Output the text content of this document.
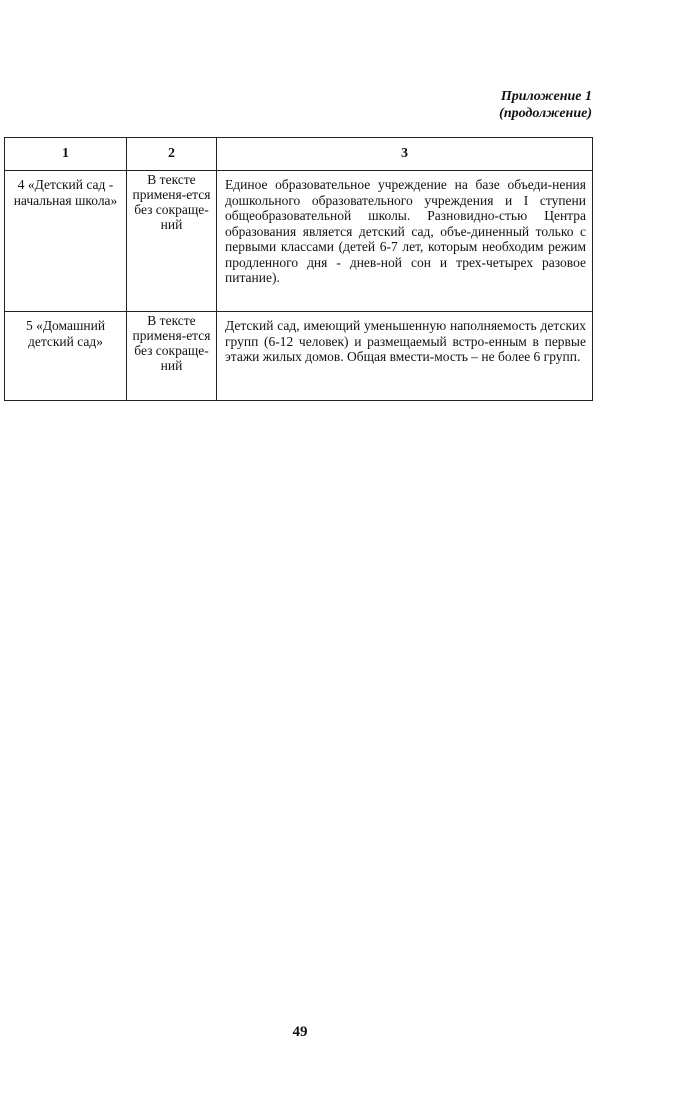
Приложение 1
(продолжение)
1	2	3
4 «Детский сад - начальная школа»	В тексте применя-ется без сокраще-ний	Единое образовательное учреждение на базе объеди-нения дошкольного образовательного учреждения и I ступени общеобразовательной школы. Разновидно-стью Центра образования является детский сад, объе-диненный только с первыми классами (детей 6-7 лет, которым необходим режим продленного дня - днев-ной сон и трех-четырех разовое питание).
5 «Домашний детский сад»	В тексте применя-ется без сокраще-ний	Детский сад, имеющий уменьшенную наполняемость детских групп (6-12 человек) и размещаемый встро-енным в первые этажи жилых домов. Общая вмести-мость – не более 6 групп.
49
